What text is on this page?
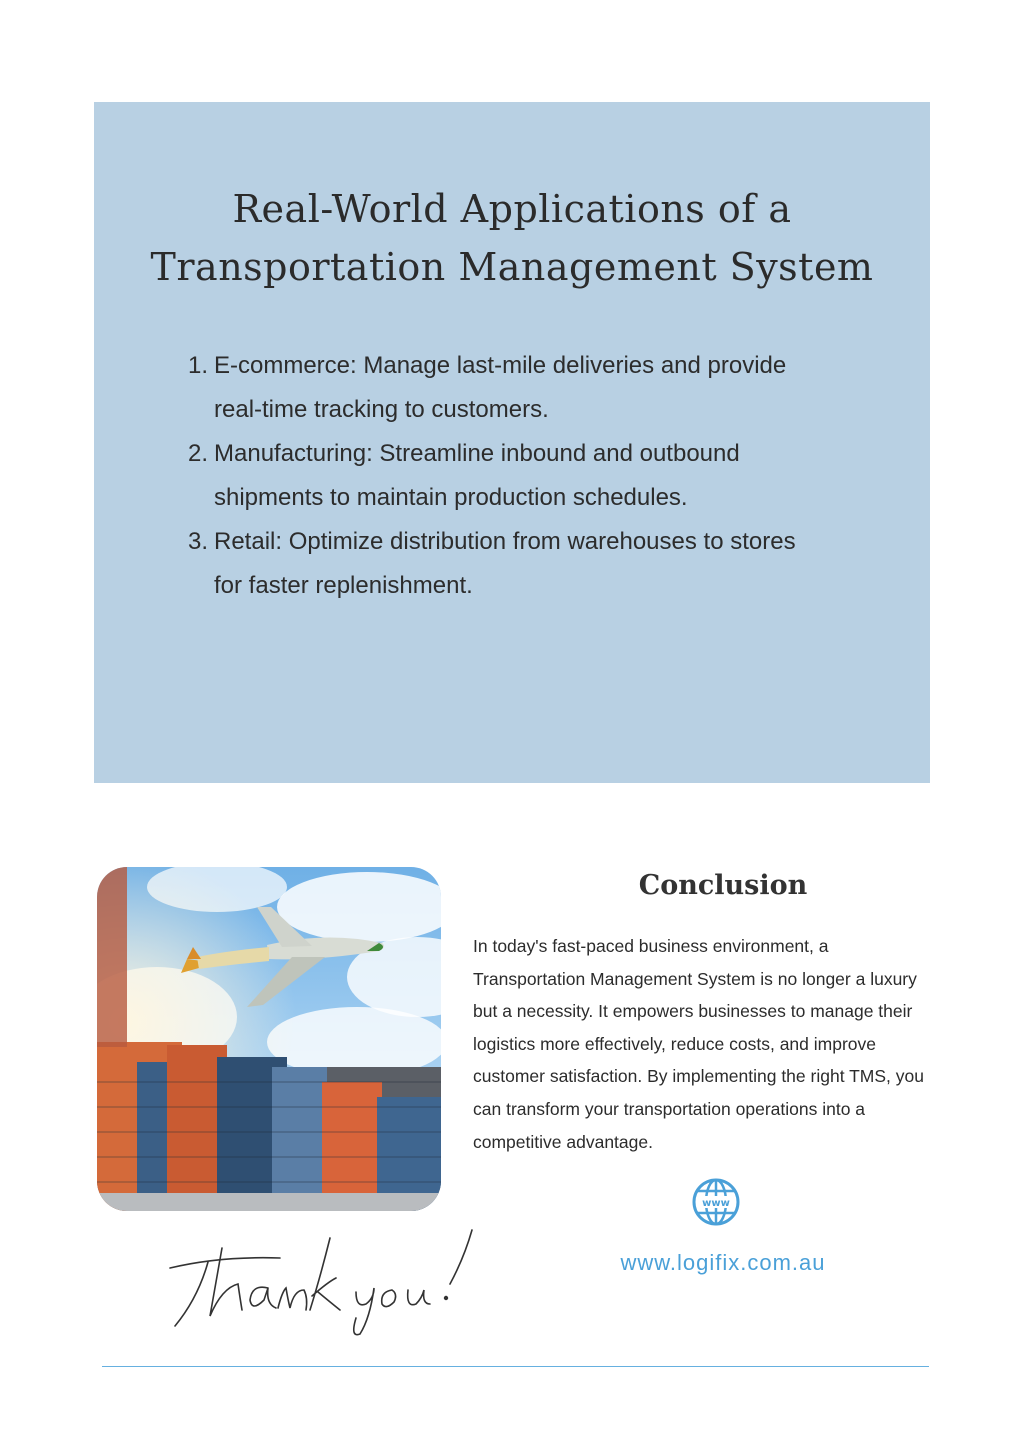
Real-World Applications of a
Transportation Management System
1. E-commerce: Manage last-mile deliveries and provide
real-time tracking to customers.
2. Manufacturing: Streamline inbound and outbound
shipments to maintain production schedules.
3. Retail: Optimize distribution from warehouses to stores
for faster replenishment.
Conclusion

In today's fast-paced business environment, a
Transportation Management System is no longer a luxury
but a necessity. It empowers businesses to manage their
logistics more effectively, reduce costs, and improve
customer satisfaction. By implementing the right TMS, you
can transform your transportation operations into a
competitive advantage.

www
www.logifix.com.au
